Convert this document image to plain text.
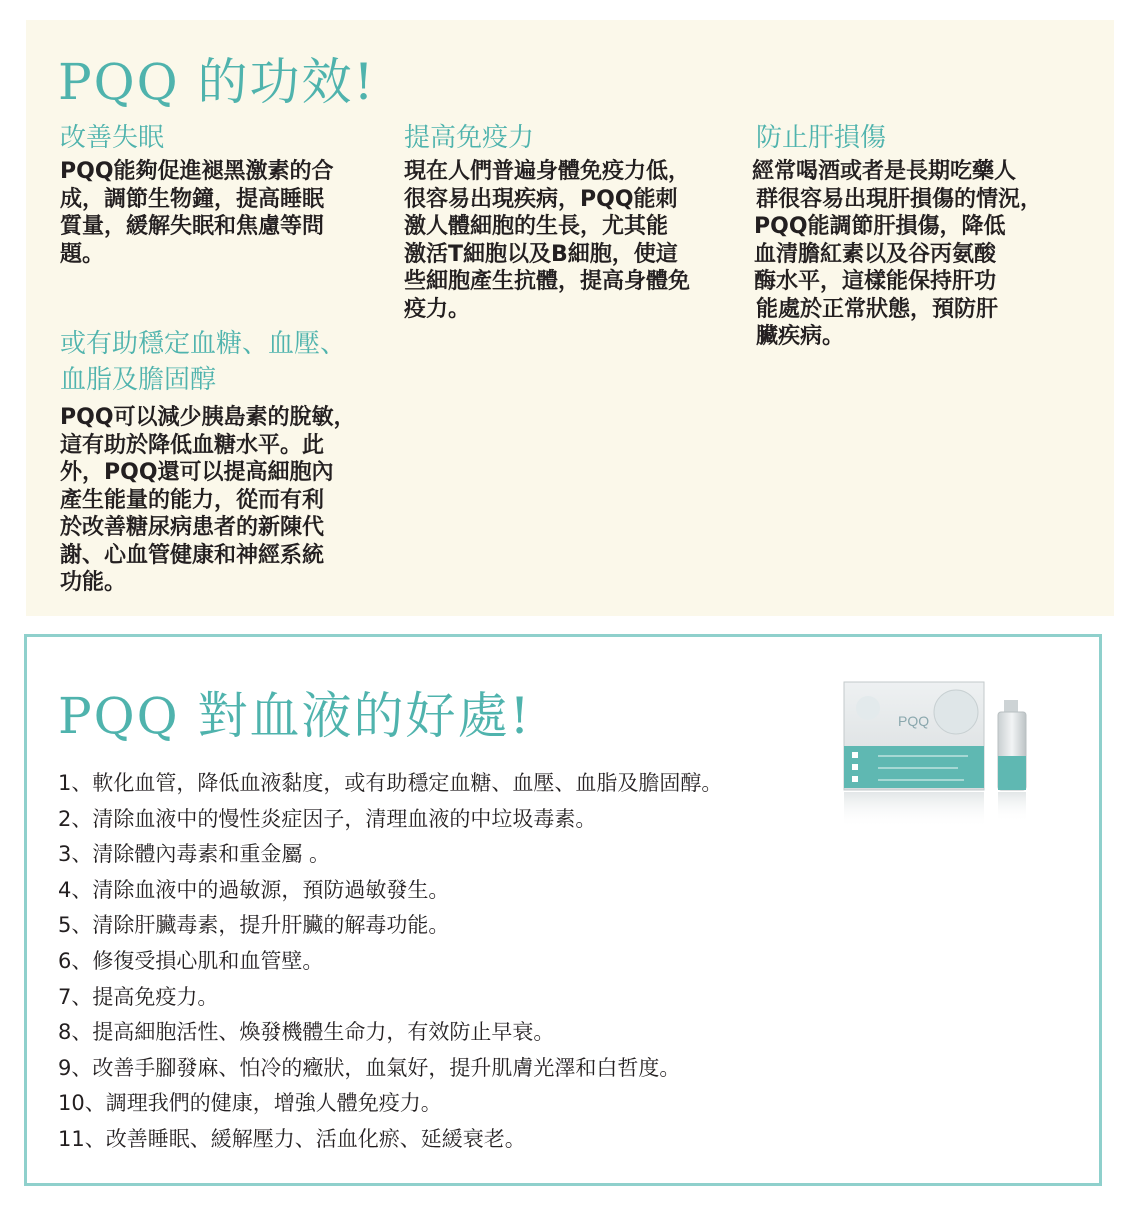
PQQ 的功效!
改善失眠
PQQ能夠促進褪黑激素的合
成，調節生物鐘，提高睡眠
質量，緩解失眠和焦慮等問
題。
提高免疫力
現在人們普遍身體免疫力低，
很容易出現疾病，PQQ能刺
激人體細胞的生長，尤其能
激活T細胞以及B細胞，使這
些細胞產生抗體，提高身體免
疫力。
防止肝損傷
經常喝酒或者是長期吃藥人
群很容易出現肝損傷的情況，
PQQ能調節肝損傷，降低
血清膽紅素以及谷丙氨酸
酶水平，這樣能保持肝功
能處於正常狀態，預防肝
臟疾病。
或有助穩定血糖、血壓、
血脂及膽固醇
PQQ可以減少胰島素的脫敏，
這有助於降低血糖水平。此
外，PQQ還可以提高細胞內
產生能量的能力，從而有利
於改善糖尿病患者的新陳代
謝、心血管健康和神經系統
功能。
PQQ 對血液的好處!
1、軟化血管，降低血液黏度，或有助穩定血糖、血壓、血脂及膽固醇。
2、清除血液中的慢性炎症因子，清理血液的中垃圾毒素。
3、清除體內毒素和重金屬 。
4、清除血液中的過敏源，預防過敏發生。
5、清除肝臟毒素，提升肝臟的解毒功能。
6、修復受損心肌和血管壁。
7、提高免疫力。
8、提高細胞活性、煥發機體生命力，有效防止早衰。
9、改善手腳發麻、怕冷的癥狀，血氣好，提升肌膚光澤和白哲度。
10、調理我們的健康，增強人體免疫力。
11、改善睡眠、緩解壓力、活血化瘀、延緩衰老。
PQQ
